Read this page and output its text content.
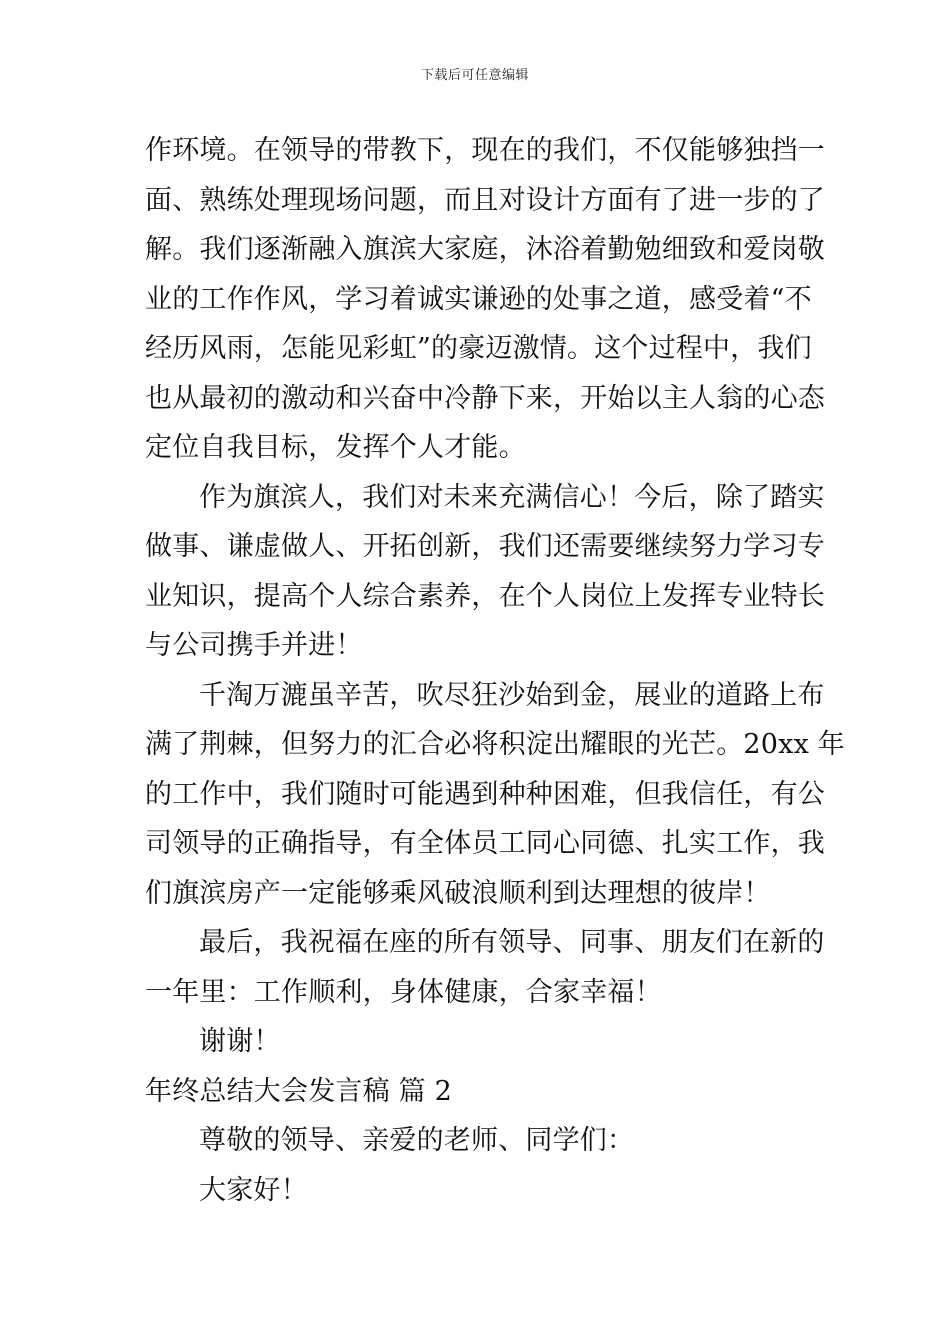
下载后可任意编辑
作环境。在领导的带教下，现在的我们，不仅能够独挡一
面、熟练处理现场问题，而且对设计方面有了进一步的了
解。我们逐渐融入旗滨大家庭，沐浴着勤勉细致和爱岗敬
业的工作作风，学习着诚实谦逊的处事之道，感受着“不
经历风雨，怎能见彩虹”的豪迈激情。这个过程中，我们
也从最初的激动和兴奋中冷静下来，开始以主人翁的心态
定位自我目标，发挥个人才能。
作为旗滨人，我们对未来充满信心！今后，除了踏实
做事、谦虚做人、开拓创新，我们还需要继续努力学习专
业知识，提高个人综合素养，在个人岗位上发挥专业特长
与公司携手并进！
千淘万漉虽辛苦，吹尽狂沙始到金，展业的道路上布
满了荆棘，但努力的汇合必将积淀出耀眼的光芒。20xx 年
的工作中，我们随时可能遇到种种困难，但我信任，有公
司领导的正确指导，有全体员工同心同德、扎实工作，我
们旗滨房产一定能够乘风破浪顺利到达理想的彼岸！
最后，我祝福在座的所有领导、同事、朋友们在新的
一年里：工作顺利，身体健康，合家幸福！
谢谢！
年终总结大会发言稿 篇 2
尊敬的领导、亲爱的老师、同学们：
大家好！
